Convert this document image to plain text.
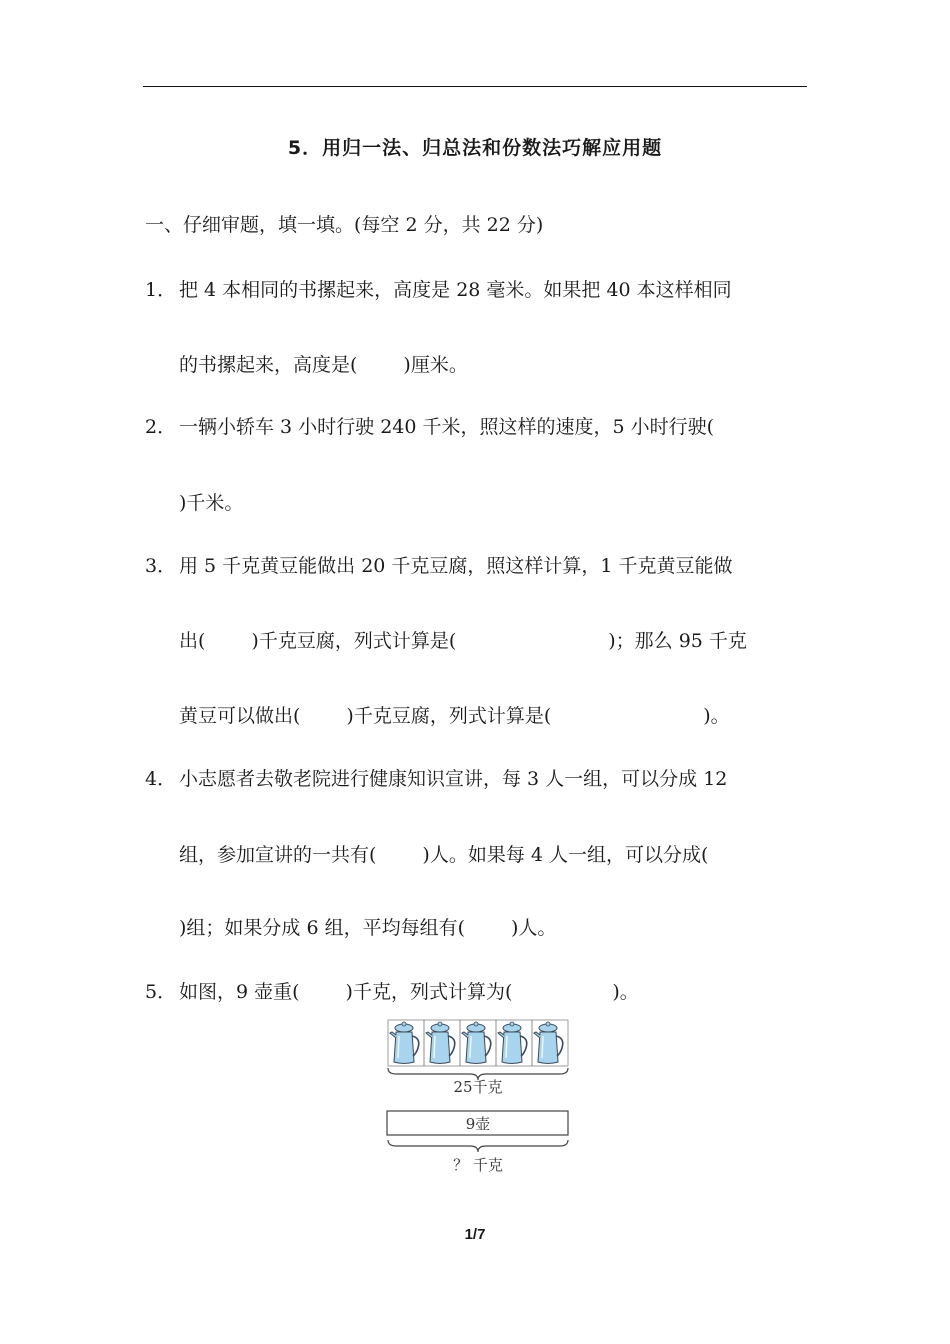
5．用归一法、归总法和份数法巧解应用题
一、仔细审题，填一填。(每空 2 分，共 22 分)
1． 把 4 本相同的书摞起来，高度是 28 毫米。如果把 40 本这样相同
的书摞起来，高度是( )厘米。
2． 一辆小轿车 3 小时行驶 240 千米，照这样的速度，5 小时行驶(
)千米。
3． 用 5 千克黄豆能做出 20 千克豆腐，照这样计算，1 千克黄豆能做
出( )千克豆腐，列式计算是(	)；那么 95 千克
黄豆可以做出( )千克豆腐，列式计算是(	)。
4． 小志愿者去敬老院进行健康知识宣讲，每 3 人一组，可以分成 12
组，参加宣讲的一共有( )人。如果每 4 人一组，可以分成(
)组；如果分成 6 组，平均每组有( )人。
5． 如图，9 壶重( )千克，列式计算为(	)。
25千克
9壶
？ 千克
1/7
